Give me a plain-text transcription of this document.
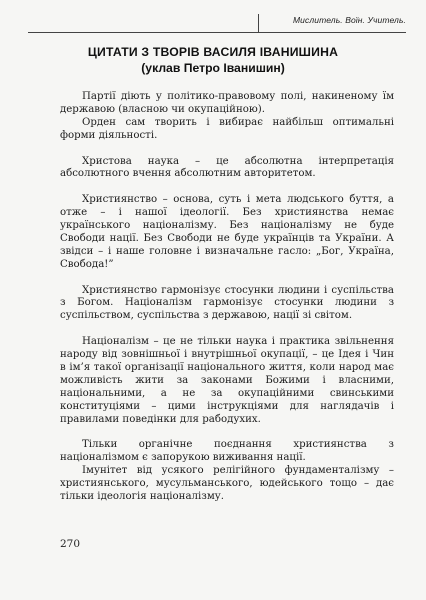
Мислитель. Воїн. Учитель.
ЦИТАТИ З ТВОРІВ ВАСИЛЯ ІВАНИШИНА
(уклав Петро Іванишин)

Партії діють у політико-правовому полі, накиненому їм державою (власною чи окупаційною).

Орден сам творить і вибирає найбільш оптимальні форми діяльності.

Христова наука – це абсолютна інтерпретація абсолютного вчення абсолютним авторитетом.

Християнство – основа, суть і мета людського буття, а отже – і нашої ідеології. Без християнства немає українського націоналізму. Без націоналізму не буде Свободи нації. Без Свободи не буде українців та України. А звідси – і наше головне і визначальне гасло: „Бог, Україна, Свобода!”

Християнство гармонізує стосунки людини і суспільства з Богом. Націоналізм гармонізує стосунки людини з суспільством, суспільства з державою, нації зі світом.

Націоналізм – це не тільки наука і практика звільнення народу від зовнішньої і внутрішньої окупації, – це Ідея і Чин в ім’я такої організації національного життя, коли народ має можливість жити за законами Божими і власними, національними, а не за окупаційними свинськими конституціями – цими інструкціями для наглядачів і правилами поведінки для рабодухих.

Тільки органічне поєднання християнства з націоналізмом є запорукою виживання нації.

Імунітет від усякого релігійного фундаменталізму – християнського, мусульманського, юдейського тощо – дає тільки ідеологія націоналізму.

270
